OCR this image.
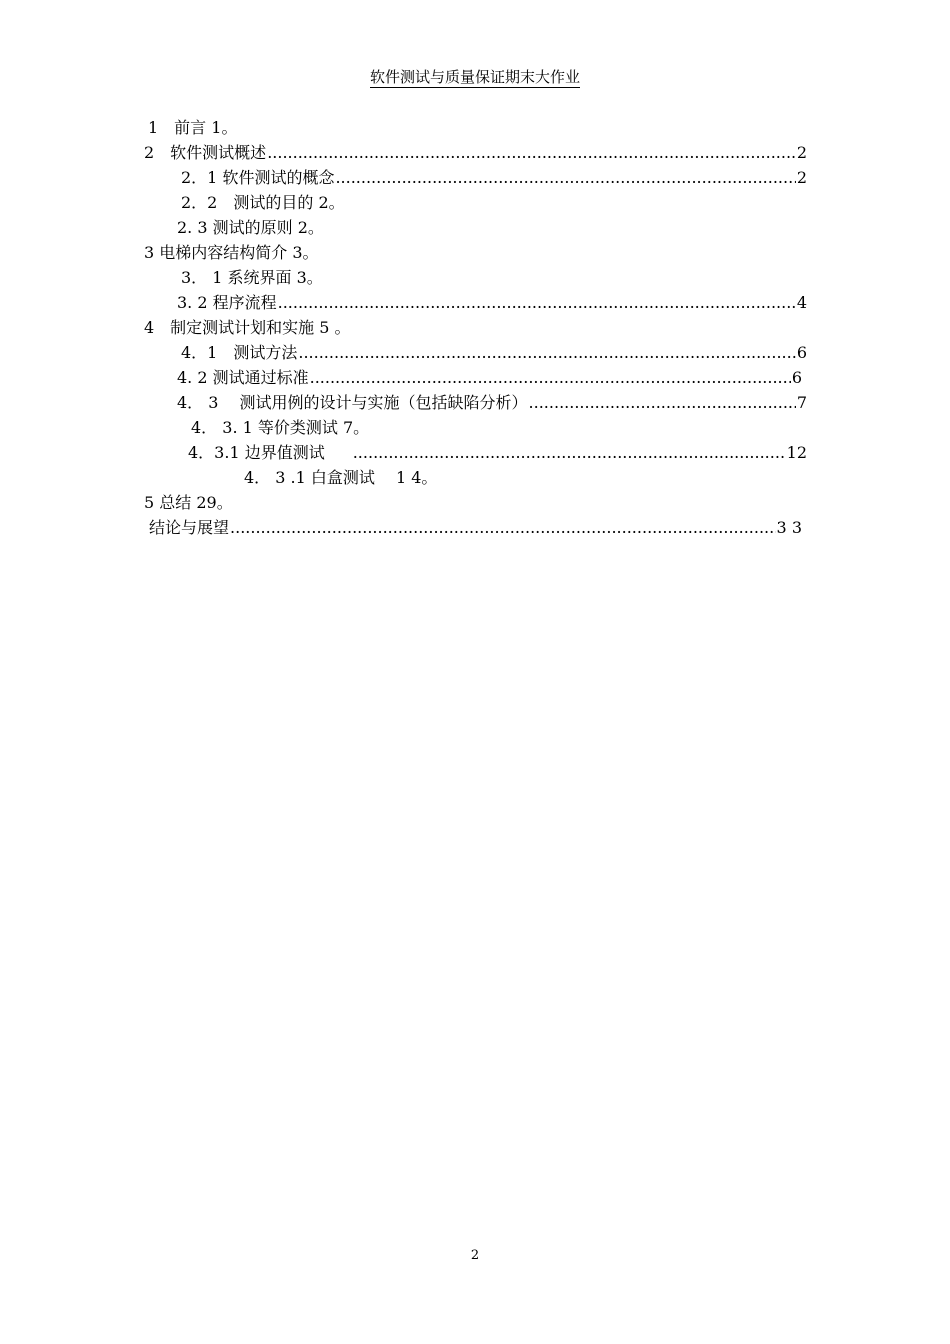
软件测试与质量保证期末大作业
1　前言 1。
2　软件测试概述 .....	2
2．1 软件测试的概念 .....	2
2．2　测试的目的 2。
2. 3 测试的原则 2。
3 电梯内容结构简介 3。
3． 1 系统界面 3。
3. 2 程序流程 .....	4
4　制定测试计划和实施 5 。
4．1　测试方法 .....	6
4. 2 测试通过标准 .....	6
4． 3　 测试用例的设计与实施（包括缺陷分析） .....	7
4． 3. 1 等价类测试 7。
4．3.1 边界值测试　 .....	12
4． 3 .1 白盒测试　 1 4。
5 总结 29。
结论与展望 .....	3 3
2
